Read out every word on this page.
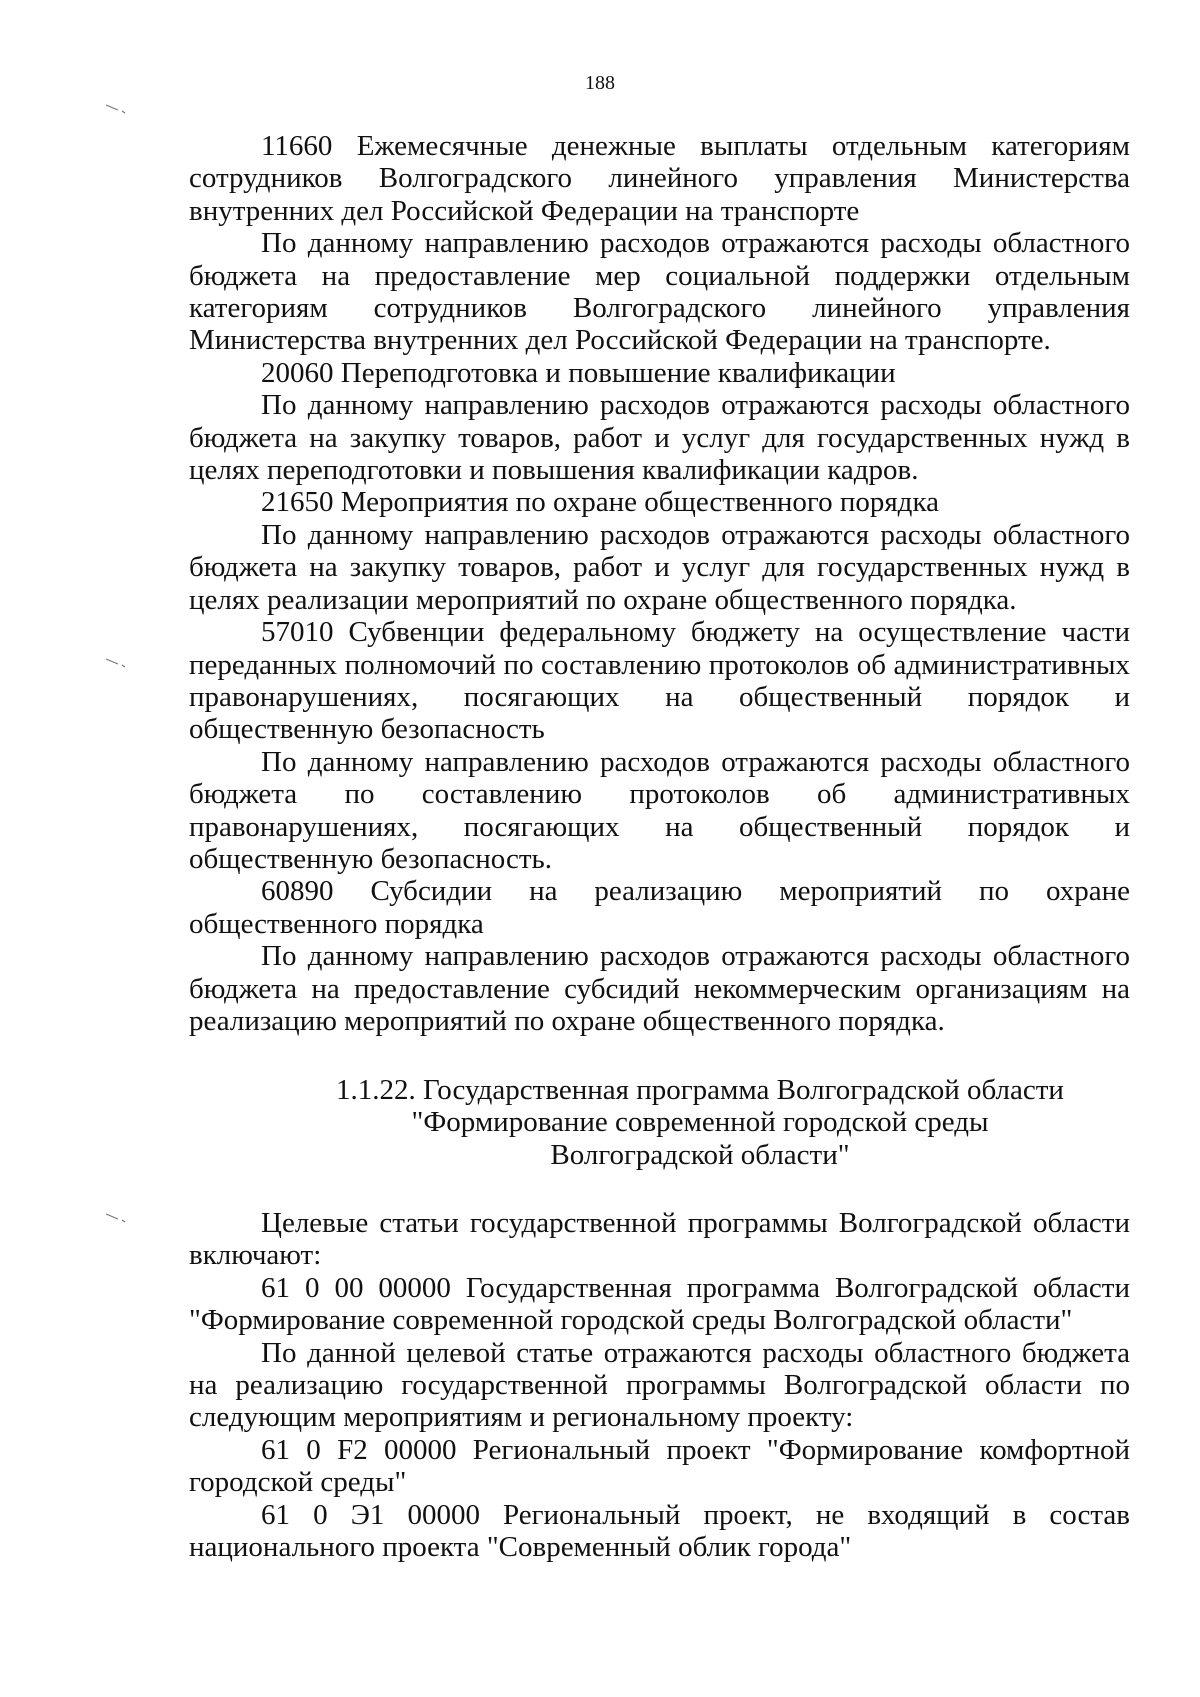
188

11660 Ежемесячные денежные выплаты отдельным категориям сотрудников Волгоградского линейного управления Министерства внутренних дел Российской Федерации на транспорте

По данному направлению расходов отражаются расходы областного бюджета на предоставление мер социальной поддержки отдельным категориям сотрудников Волгоградского линейного управления Министерства внутренних дел Российской Федерации на транспорте.

20060 Переподготовка и повышение квалификации

По данному направлению расходов отражаются расходы областного бюджета на закупку товаров, работ и услуг для государственных нужд в целях переподготовки и повышения квалификации кадров.

21650 Мероприятия по охране общественного порядка

По данному направлению расходов отражаются расходы областного бюджета на закупку товаров, работ и услуг для государственных нужд в целях реализации мероприятий по охране общественного порядка.

57010 Субвенции федеральному бюджету на осуществление части переданных полномочий по составлению протоколов об административных правонарушениях, посягающих на общественный порядок и общественную безопасность

По данному направлению расходов отражаются расходы областного бюджета по составлению протоколов об административных правонарушениях, посягающих на общественный порядок и общественную безопасность.

60890 Субсидии на реализацию мероприятий по охране общественного порядка

По данному направлению расходов отражаются расходы областного бюджета на предоставление субсидий некоммерческим организациям на реализацию мероприятий по охране общественного порядка.

1.1.22. Государственная программа Волгоградской области
"Формирование современной городской среды
Волгоградской области"

Целевые статьи государственной программы Волгоградской области включают:

61 0 00 00000 Государственная программа Волгоградской области "Формирование современной городской среды Волгоградской области"

По данной целевой статье отражаются расходы областного бюджета на реализацию государственной программы Волгоградской области по следующим мероприятиям и региональному проекту:

61 0 F2 00000 Региональный проект "Формирование комфортной городской среды"

61 0 Э1 00000 Региональный проект, не входящий в состав национального проекта "Современный облик города"
